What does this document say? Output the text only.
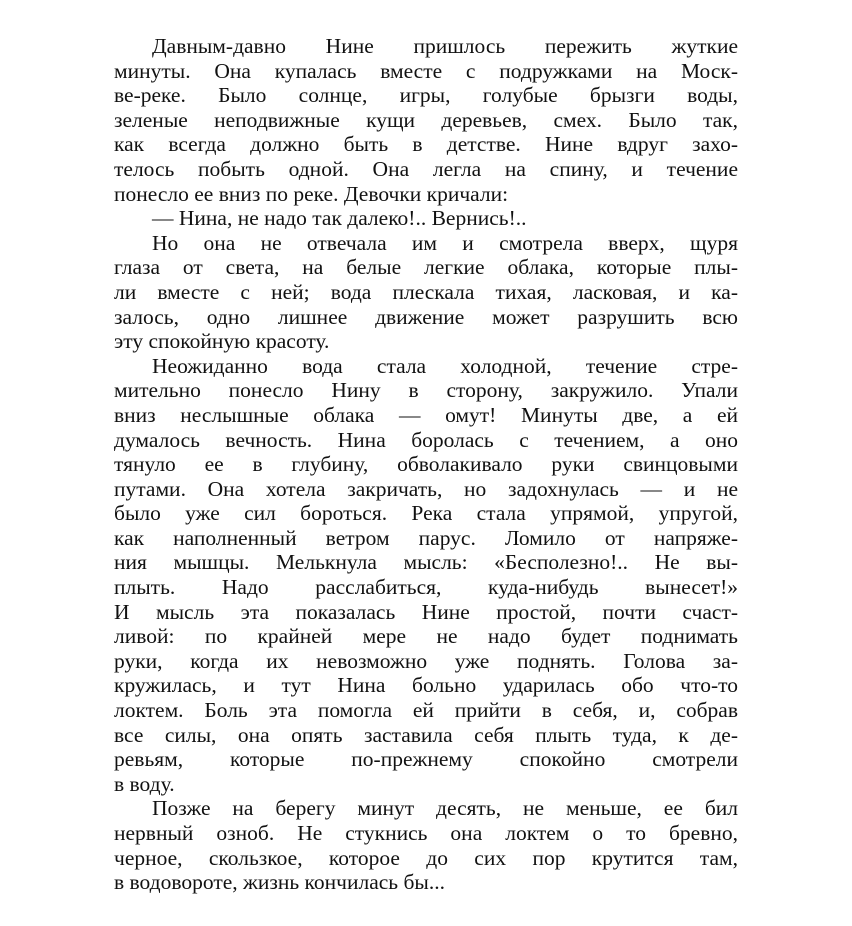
Давным-давно Нине пришлось пережить жуткие
минуты. Она купалась вместе с подружками на Моск-
ве-реке. Было солнце, игры, голубые брызги воды,
зеленые неподвижные кущи деревьев, смех. Было так,
как всегда должно быть в детстве. Нине вдруг захо-
телось побыть одной. Она легла на спину, и течение
понесло ее вниз по реке. Девочки кричали:

— Нина, не надо так далеко!.. Вернись!..

Но она не отвечала им и смотрела вверх, щуря
глаза от света, на белые легкие облака, которые плы-
ли вместе с ней; вода плескала тихая, ласковая, и ка-
залось, одно лишнее движение может разрушить всю
эту спокойную красоту.

Неожиданно вода стала холодной, течение стре-
мительно понесло Нину в сторону, закружило. Упали
вниз неслышные облака — омут! Минуты две, а ей
думалось вечность. Нина боролась с течением, а оно
тянуло ее в глубину, обволакивало руки свинцовыми
путами. Она хотела закричать, но задохнулась — и не
было уже сил бороться. Река стала упрямой, упругой,
как наполненный ветром парус. Ломило от напряже-
ния мышцы. Мелькнула мысль: «Бесполезно!.. Не вы-
плыть. Надо расслабиться, куда-нибудь вынесет!»
И мысль эта показалась Нине простой, почти счаст-
ливой: по крайней мере не надо будет поднимать
руки, когда их невозможно уже поднять. Голова за-
кружилась, и тут Нина больно ударилась обо что-то
локтем. Боль эта помогла ей прийти в себя, и, собрав
все силы, она опять заставила себя плыть туда, к де-
ревьям, которые по-прежнему спокойно смотрели
в воду.

Позже на берегу минут десять, не меньше, ее бил
нервный озноб. Не стукнись она локтем о то бревно,
черное, скользкое, которое до сих пор крутится там,
в водовороте, жизнь кончилась бы...
